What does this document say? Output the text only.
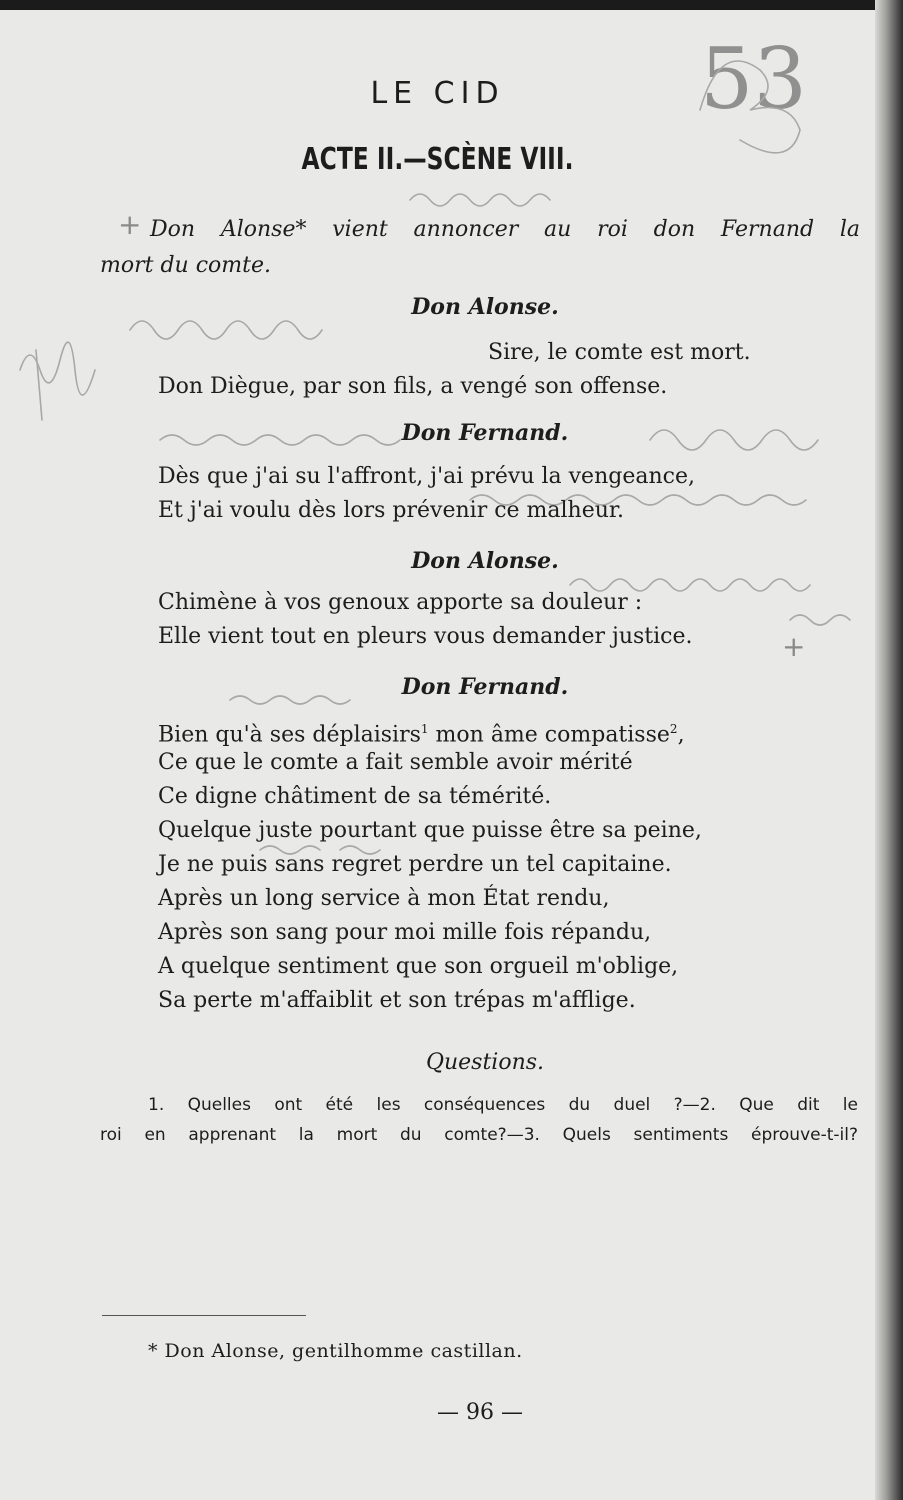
53
+
+
LE CID
ACTE II.—SCÈNE VIII.
Don Alonse* vient annoncer au roi don Fernand la
mort du comte.
Don Alonse.
Sire, le comte est mort.
Don Diègue, par son fils, a vengé son offense.
Don Fernand.
Dès que j'ai su l'affront, j'ai prévu la vengeance,
Et j'ai voulu dès lors prévenir ce malheur.
Don Alonse.
Chimène à vos genoux apporte sa douleur :
Elle vient tout en pleurs vous demander justice.
Don Fernand.
Bien qu'à ses déplaisirs$^1$ mon âme compatisse$^2$,
Ce que le comte a fait semble avoir mérité
Ce digne châtiment de sa témérité.
Quelque juste pourtant que puisse être sa peine,
Je ne puis sans regret perdre un tel capitaine.
Après un long service à mon État rendu,
Après son sang pour moi mille fois répandu,
A quelque sentiment que son orgueil m'oblige,
Sa perte m'affaiblit et son trépas m'afflige.
Questions.
1. Quelles ont été les conséquences du duel ?—2. Que dit le
roi en apprenant la mort du comte?—3. Quels sentiments éprouve-t-il?
* Don Alonse, gentilhomme castillan.
— 96 —
